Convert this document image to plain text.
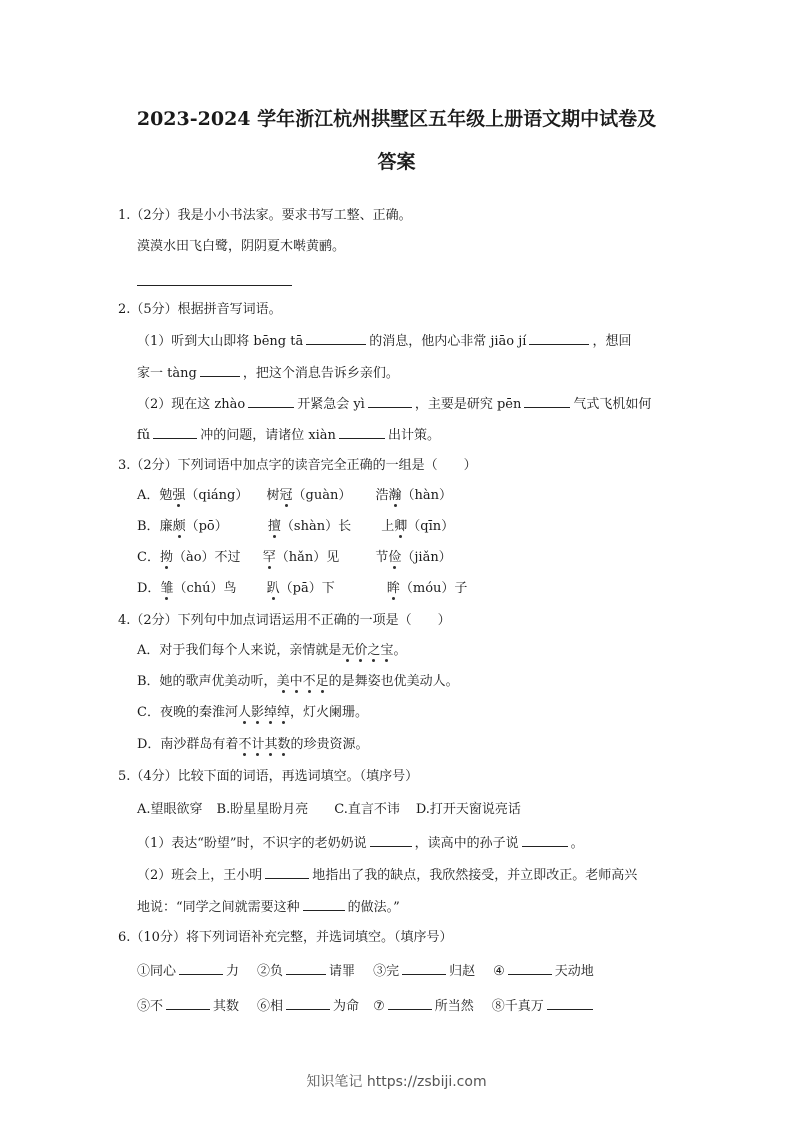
2023-2024 学年浙江杭州拱墅区五年级上册语文期中试卷及
答案
1.（2分）我是小小书法家。要求书写工整、正确。
漠漠水田飞白鹭，阴阴夏木啭黄鹂。
2.（5分）根据拼音写词语。
（1）听到大山即将 bēng tā	的消息，他内心非常 jiāo jí	，想回
家一 tàng	，把这个消息告诉乡亲们。
（2）现在这 zhào	开紧急会 yì	，主要是研究 pēn	气式飞机如何
fǔ	冲的问题，请诸位 xiàn	出计策。
3.（2分）下列词语中加点字的读音完全正确的一组是（　　）
A．勉强（qiáng） 树冠（guàn） 浩瀚（hàn）
B．廉颇（pō）	擅（shàn）长 上卿（qīn）
C．拗（ào）不过 罕（hǎn）见	节俭（jiǎn）
D．雏（chú）鸟 趴（pā）下	眸（móu）子
4.（2分）下列句中加点词语运用不正确的一项是（　　）
A．对于我们每个人来说，亲情就是无价之宝。
B．她的歌声优美动听，美中不足的是舞姿也优美动人。
C．夜晚的秦淮河人影绰绰，灯火阑珊。
D．南沙群岛有着不计其数的珍贵资源。
5.（4分）比较下面的词语，再选词填空。（填序号）
A.望眼欲穿 B.盼星星盼月亮 C.直言不讳 D.打开天窗说亮话
（1）表达“盼望”时，不识字的老奶奶说	，读高中的孙子说	。
（2）班会上，王小明	地指出了我的缺点，我欣然接受，并立即改正。老师高兴
地说：“同学之间就需要这种	的做法。”
6.（10分）将下列词语补充完整，并选词填空。（填序号）
①同心	力 ②负	请罪 ③完	归赵 ④	天动地
⑤不	其数 ⑥相	为命 ⑦	所当然 ⑧千真万
知识笔记 https://zsbiji.com
